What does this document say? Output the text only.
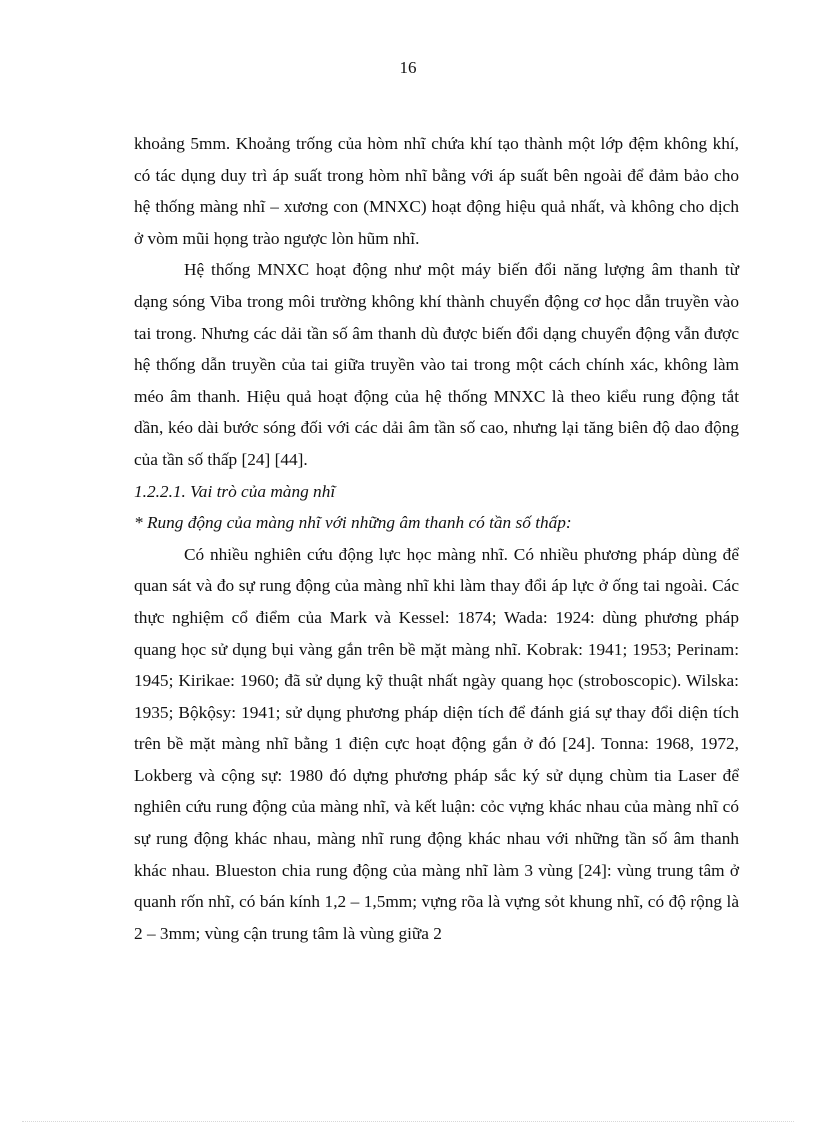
16

khoảng 5mm. Khoảng trống của hòm nhĩ chứa khí tạo thành một lớp đệm không khí, có tác dụng duy trì áp suất trong hòm nhĩ bằng với áp suất bên ngoài để đảm bảo cho hệ thống màng nhĩ – xương con (MNXC) hoạt động hiệu quả nhất, và không cho dịch ở vòm mũi họng trào ngược lòn hũm nhĩ.

Hệ thống MNXC hoạt động như một máy biến đổi năng lượng âm thanh từ dạng sóng Viba trong môi trường không khí thành chuyển động cơ học dẫn truyền vào tai trong. Nhưng các dải tần số âm thanh dù được biến đổi dạng chuyển động vẫn được hệ thống dẫn truyền của tai giữa truyền vào tai trong một cách chính xác, không làm méo âm thanh. Hiệu quả hoạt động của hệ thống MNXC là theo kiểu rung động tắt dần, kéo dài bước sóng đối với các dải âm tần số cao, nhưng lại tăng biên độ dao động của tần số thấp [24] [44].

1.2.2.1. Vai trò của màng nhĩ

* Rung động của màng nhĩ với những âm thanh có tần số thấp:

Có nhiều nghiên cứu động lực học màng nhĩ. Có nhiều phương pháp dùng để quan sát và đo sự rung động của màng nhĩ khi làm thay đổi áp lực ở ống tai ngoài. Các thực nghiệm cổ điểm của Mark và Kessel: 1874; Wada: 1924: dùng phương pháp quang học sử dụng bụi vàng gắn trên bề mặt màng nhĩ. Kobrak: 1941; 1953; Perinam: 1945; Kirikae: 1960; đã sử dụng kỹ thuật nhất ngày quang học (stroboscopic). Wilska: 1935; Bộkộsy: 1941; sử dụng phương pháp diện tích để đánh giá sự thay đổi diện tích trên bề mặt màng nhĩ bằng 1 điện cực hoạt động gắn ở đó [24]. Tonna: 1968, 1972, Lokberg và cộng sự: 1980 đó dựng phương pháp sắc ký sử dụng chùm tia Laser để nghiên cứu rung động của màng nhĩ, và kết luận: cỏc vựng khác nhau của màng nhĩ có sự rung động khác nhau, màng nhĩ rung động khác nhau với những tần số âm thanh khác nhau. Blueston chia rung động của màng nhĩ làm 3 vùng [24]: vùng trung tâm ở quanh rốn nhĩ, có bán kính 1,2 – 1,5mm; vựng rõa là vựng sỏt khung nhĩ, có độ rộng là 2 – 3mm; vùng cận trung tâm là vùng giữa 2
